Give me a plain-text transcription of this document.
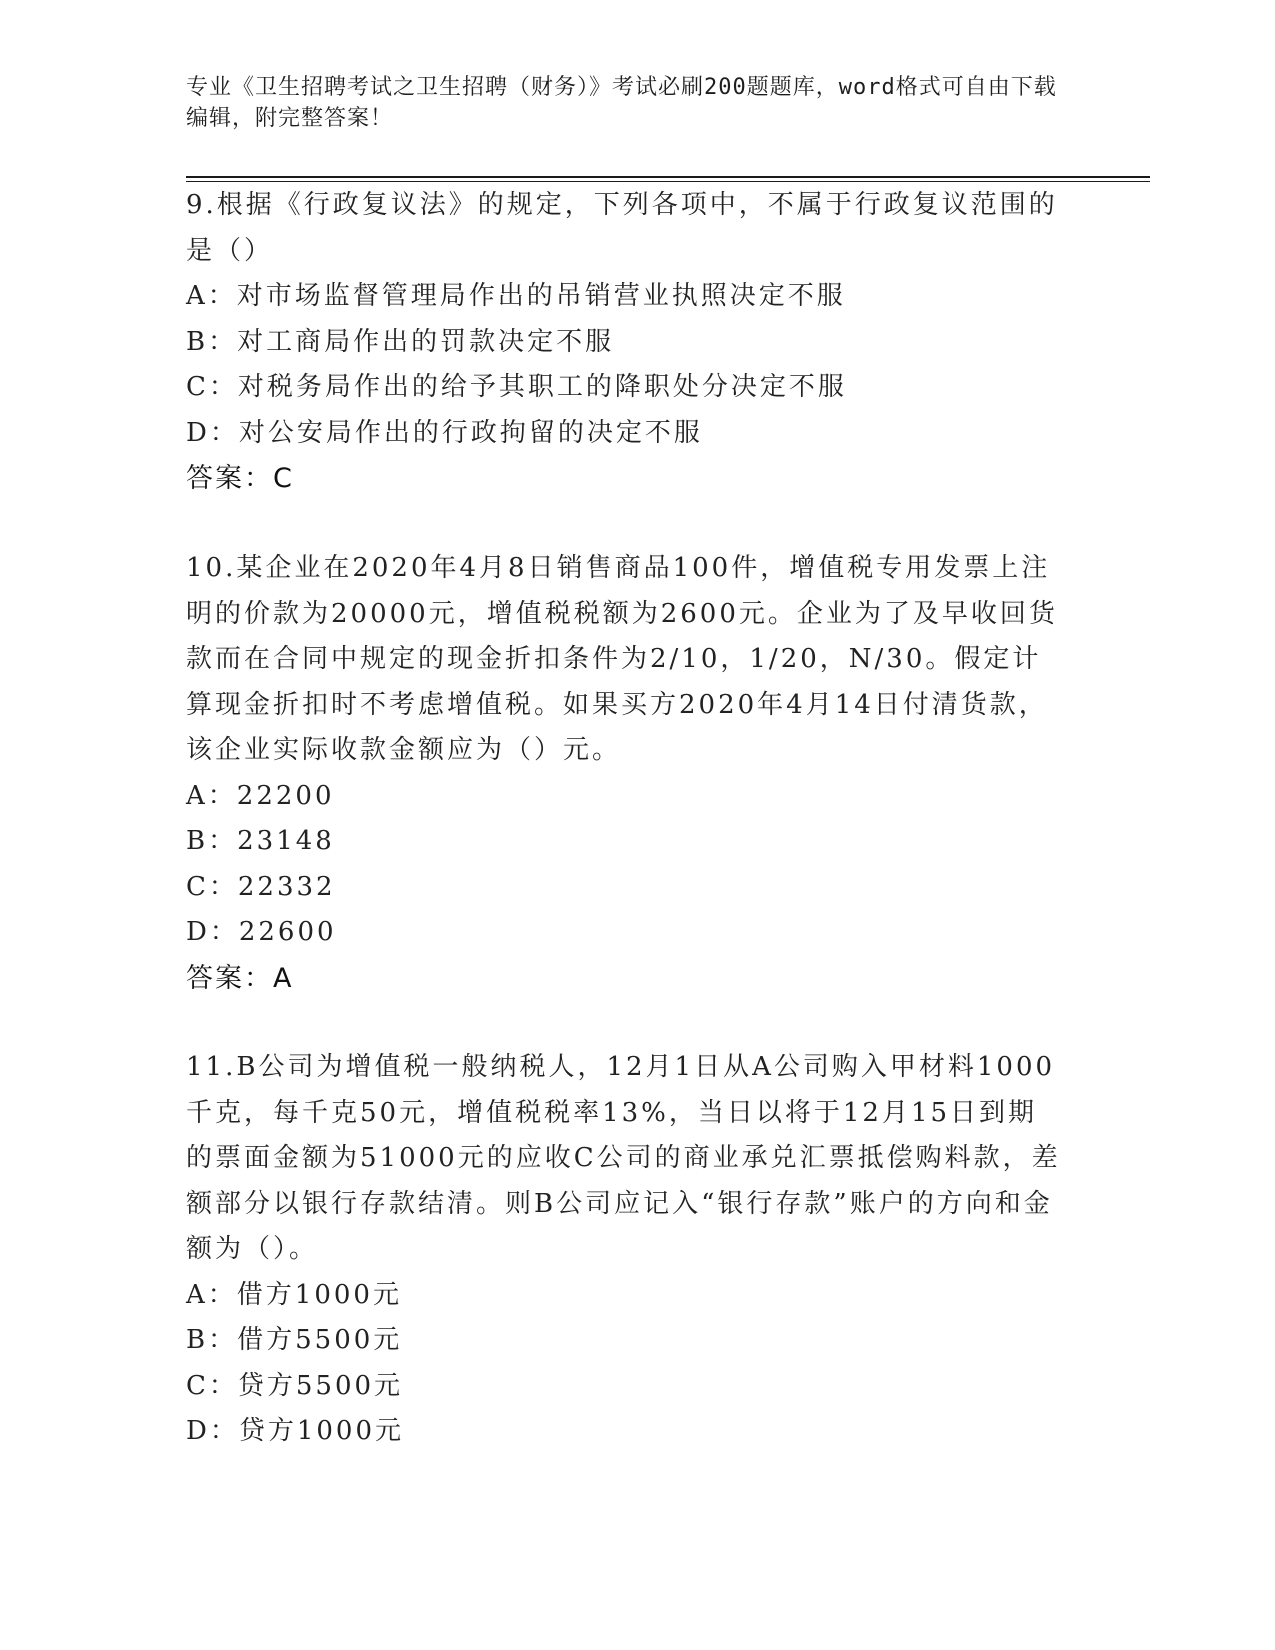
专业《卫生招聘考试之卫生招聘（财务）》考试必刷200题题库，word格式可自由下载编辑，附完整答案！

9.根据《行政复议法》的规定，下列各项中，不属于行政复议范围的是（）

A：对市场监督管理局作出的吊销营业执照决定不服

B：对工商局作出的罚款决定不服

C：对税务局作出的给予其职工的降职处分决定不服

D：对公安局作出的行政拘留的决定不服

答案：C

10.某企业在2020年4月8日销售商品100件，增值税专用发票上注明的价款为20000元，增值税税额为2600元。企业为了及早收回货款而在合同中规定的现金折扣条件为2/10，1/20，N/30。假定计算现金折扣时不考虑增值税。如果买方2020年4月14日付清货款，该企业实际收款金额应为（）元。

A：22200

B：23148

C：22332

D：22600

答案：A

11.B公司为增值税一般纳税人，12月1日从A公司购入甲材料1000千克，每千克50元，增值税税率13%，当日以将于12月15日到期的票面金额为51000元的应收C公司的商业承兑汇票抵偿购料款，差额部分以银行存款结清。则B公司应记入“银行存款”账户的方向和金额为（）。

A：借方1000元

B：借方5500元

C：贷方5500元

D：贷方1000元
